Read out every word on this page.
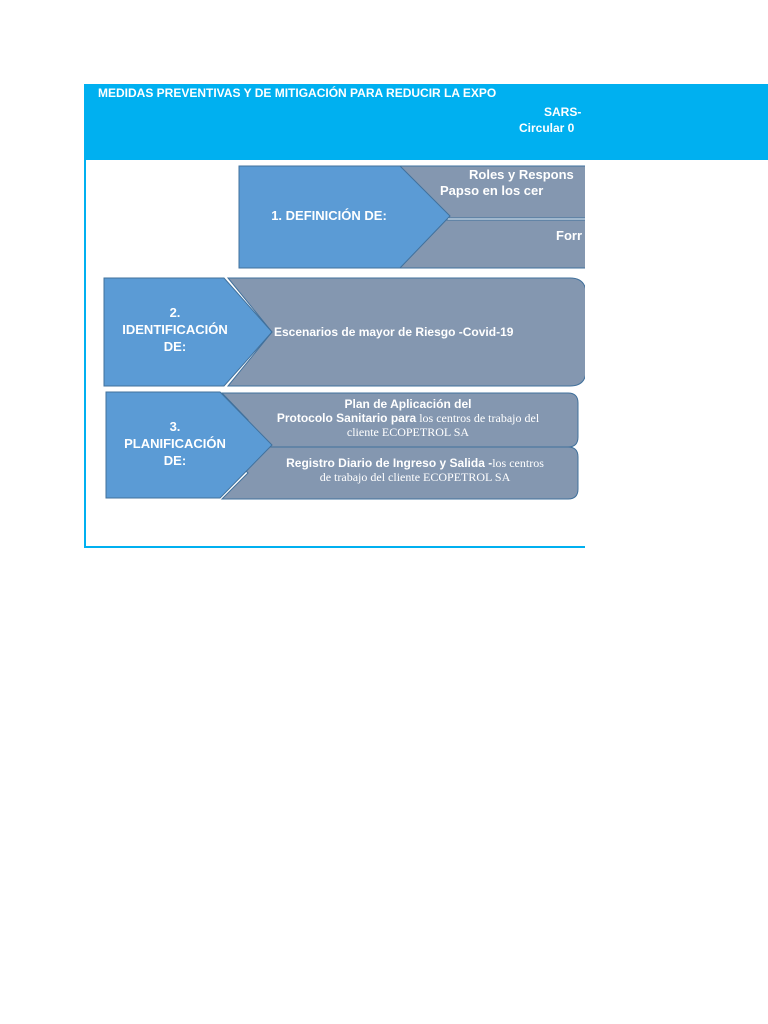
MEDIDAS PREVENTIVAS Y DE MITIGACIÓN PARA REDUCIR LA EXPO
SARS-
Circular 0
1. DEFINICIÓN DE:
Roles y Respons
Papso en los cer
Forr
2.
IDENTIFICACIÓN
DE:
Escenarios de mayor de Riesgo -Covid-19
3.
PLANIFICACIÓN
DE:
Plan de Aplicación del
Protocolo Sanitario para los centros de trabajo del
cliente ECOPETROL SA
Registro Diario de Ingreso y Salida -los centros
de trabajo del cliente ECOPETROL SA
